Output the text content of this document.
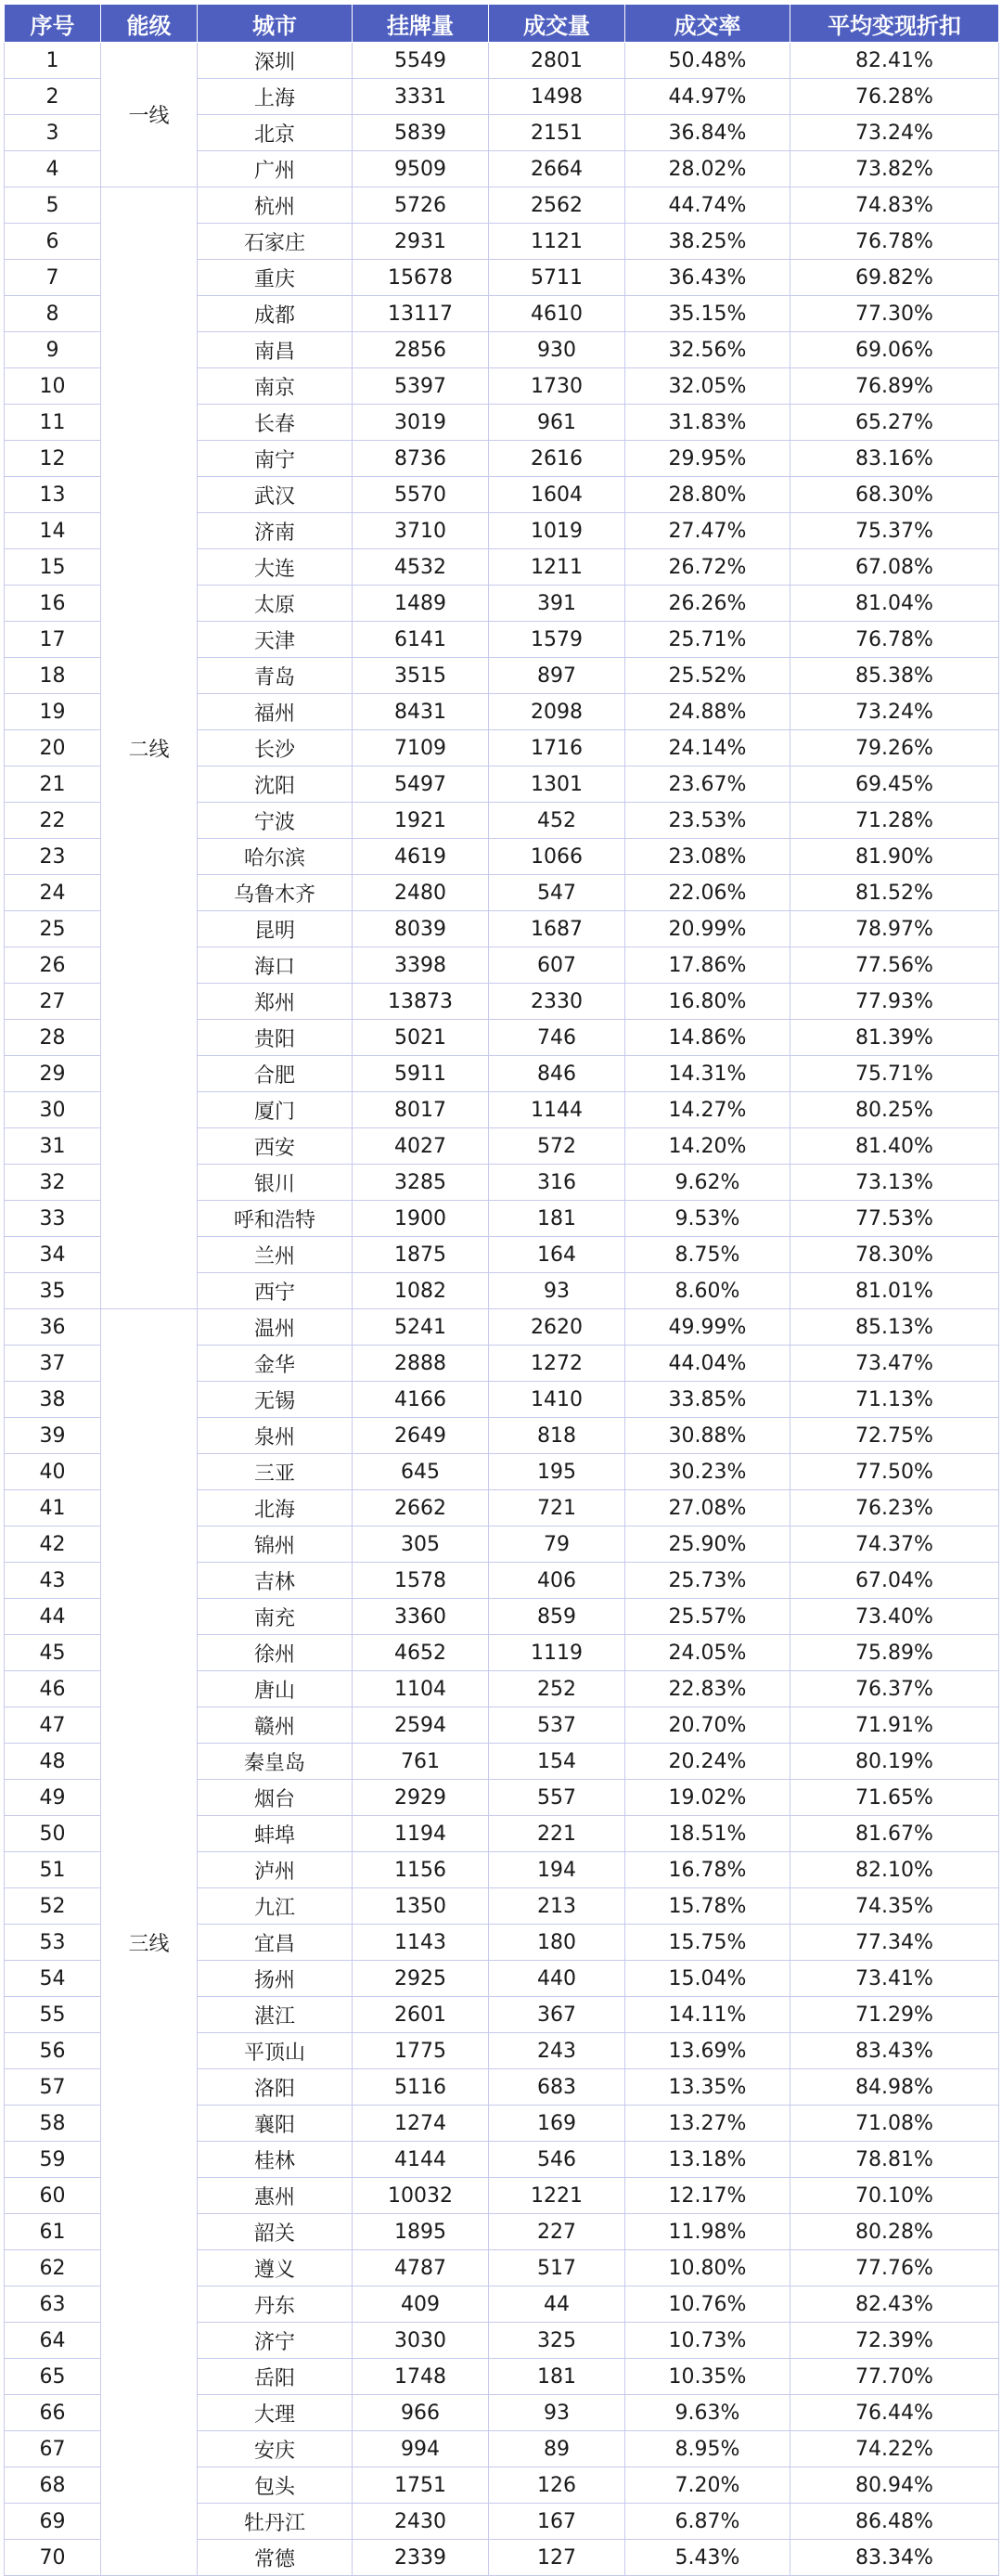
序号	能级	城市	挂牌量	成交量	成交率	平均变现折扣
1	一线	深圳	5549	2801	50.48%	82.41%
2		上海	3331	1498	44.97%	76.28%
3		北京	5839	2151	36.84%	73.24%
4		广州	9509	2664	28.02%	73.82%
5	二线	杭州	5726	2562	44.74%	74.83%
6		石家庄	2931	1121	38.25%	76.78%
7		重庆	15678	5711	36.43%	69.82%
8		成都	13117	4610	35.15%	77.30%
9		南昌	2856	930	32.56%	69.06%
10		南京	5397	1730	32.05%	76.89%
11		长春	3019	961	31.83%	65.27%
12		南宁	8736	2616	29.95%	83.16%
13		武汉	5570	1604	28.80%	68.30%
14		济南	3710	1019	27.47%	75.37%
15		大连	4532	1211	26.72%	67.08%
16		太原	1489	391	26.26%	81.04%
17		天津	6141	1579	25.71%	76.78%
18		青岛	3515	897	25.52%	85.38%
19		福州	8431	2098	24.88%	73.24%
20		长沙	7109	1716	24.14%	79.26%
21		沈阳	5497	1301	23.67%	69.45%
22		宁波	1921	452	23.53%	71.28%
23		哈尔滨	4619	1066	23.08%	81.90%
24		乌鲁木齐	2480	547	22.06%	81.52%
25		昆明	8039	1687	20.99%	78.97%
26		海口	3398	607	17.86%	77.56%
27		郑州	13873	2330	16.80%	77.93%
28		贵阳	5021	746	14.86%	81.39%
29		合肥	5911	846	14.31%	75.71%
30		厦门	8017	1144	14.27%	80.25%
31		西安	4027	572	14.20%	81.40%
32		银川	3285	316	9.62%	73.13%
33		呼和浩特	1900	181	9.53%	77.53%
34		兰州	1875	164	8.75%	78.30%
35		西宁	1082	93	8.60%	81.01%
36	三线	温州	5241	2620	49.99%	85.13%
37		金华	2888	1272	44.04%	73.47%
38		无锡	4166	1410	33.85%	71.13%
39		泉州	2649	818	30.88%	72.75%
40		三亚	645	195	30.23%	77.50%
41		北海	2662	721	27.08%	76.23%
42		锦州	305	79	25.90%	74.37%
43		吉林	1578	406	25.73%	67.04%
44		南充	3360	859	25.57%	73.40%
45		徐州	4652	1119	24.05%	75.89%
46		唐山	1104	252	22.83%	76.37%
47		赣州	2594	537	20.70%	71.91%
48		秦皇岛	761	154	20.24%	80.19%
49		烟台	2929	557	19.02%	71.65%
50		蚌埠	1194	221	18.51%	81.67%
51		泸州	1156	194	16.78%	82.10%
52		九江	1350	213	15.78%	74.35%
53		宜昌	1143	180	15.75%	77.34%
54		扬州	2925	440	15.04%	73.41%
55		湛江	2601	367	14.11%	71.29%
56		平顶山	1775	243	13.69%	83.43%
57		洛阳	5116	683	13.35%	84.98%
58		襄阳	1274	169	13.27%	71.08%
59		桂林	4144	546	13.18%	78.81%
60		惠州	10032	1221	12.17%	70.10%
61		韶关	1895	227	11.98%	80.28%
62		遵义	4787	517	10.80%	77.76%
63		丹东	409	44	10.76%	82.43%
64		济宁	3030	325	10.73%	72.39%
65		岳阳	1748	181	10.35%	77.70%
66		大理	966	93	9.63%	76.44%
67		安庆	994	89	8.95%	74.22%
68		包头	1751	126	7.20%	80.94%
69		牡丹江	2430	167	6.87%	86.48%
70		常德	2339	127	5.43%	83.34%
